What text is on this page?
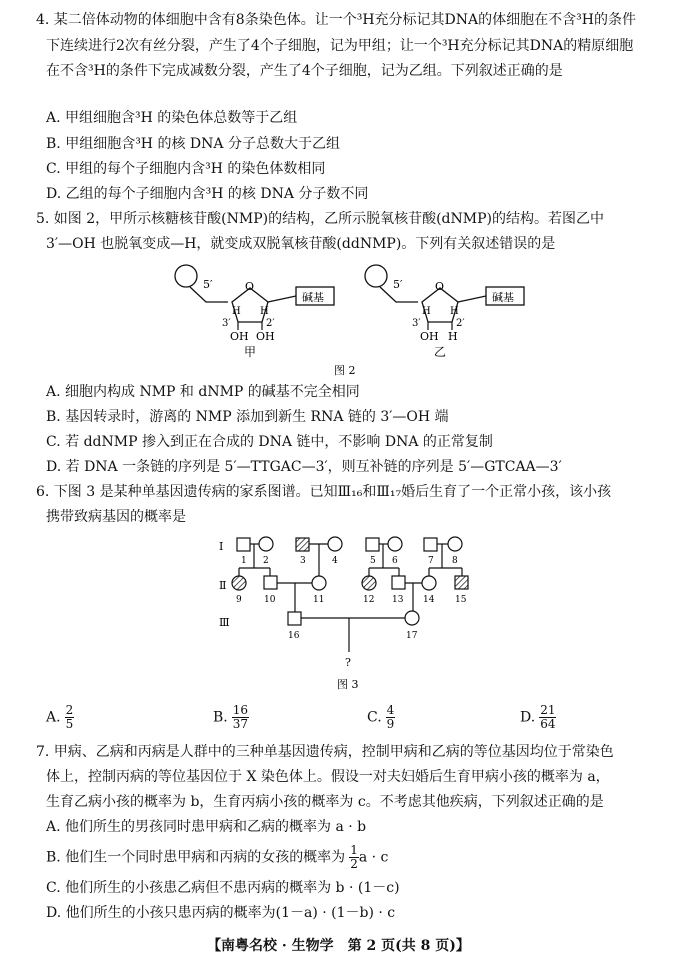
4. 某二倍体动物的体细胞中含有8条染色体。让一个³H充分标记其DNA的体细胞在不含³H的条件
下连续进行2次有丝分裂，产生了4个子细胞，记为甲组；让一个³H充分标记其DNA的精原细胞
在不含³H的条件下完成减数分裂，产生了4个子细胞，记为乙组。下列叙述正确的是
A. 甲组细胞含³H 的染色体总数等于乙组
B. 甲组细胞含³H 的核 DNA 分子总数大于乙组
C. 甲组的每个子细胞内含³H 的染色体数相同
D. 乙组的每个子细胞内含³H 的核 DNA 分子数不同
5. 如图 2，甲所示核糖核苷酸(NMP)的结构，乙所示脱氧核苷酸(dNMP)的结构。若图乙中
3′—OH 也脱氧变成—H，就变成双脱氧核苷酸(ddNMP)。下列有关叙述错误的是
5′	O
H H
碱基
3′	2′
OH OH
甲
5′	O
H H
碱基
3′	2′
OH H
乙
图 2
A. 细胞内构成 NMP 和 dNMP 的碱基不完全相同
B. 基因转录时，游离的 NMP 添加到新生 RNA 链的 3′—OH 端
C. 若 ddNMP 掺入到正在合成的 DNA 链中，不影响 DNA 的正常复制
D. 若 DNA 一条链的序列是 5′—TTGAC—3′，则互补链的序列是 5′—GTCAA—3′
6. 下图 3 是某种单基因遗传病的家系图谱。已知Ⅲ₁₆和Ⅲ₁₇婚后生育了一个正常小孩，该小孩
携带致病基因的概率是
Ⅰ
Ⅱ
Ⅲ
1 2	3	4	5 6	7 8
9 10	11	12 13 14 15
16	17
?
图 3
A. $\frac{2}{5}$	B. $\frac{16}{37}$	C. $\frac{4}{9}$	D. $\frac{21}{64}$
7. 甲病、乙病和丙病是人群中的三种单基因遗传病，控制甲病和乙病的等位基因均位于常染色
体上，控制丙病的等位基因位于 X 染色体上。假设一对夫妇婚后生育甲病小孩的概率为 a，
生育乙病小孩的概率为 b，生育丙病小孩的概率为 c。不考虑其他疾病，下列叙述正确的是
A. 他们所生的男孩同时患甲病和乙病的概率为 a · b
B. 他们生一个同时患甲病和丙病的女孩的概率为 $\frac{1}{2}$ a · c
C. 他们所生的小孩患乙病但不患丙病的概率为 b · (1－c)
D. 他们所生的小孩只患丙病的概率为(1－a) · (1－b) · c
【南粤名校 · 生物学　第 2 页(共 8 页)】
